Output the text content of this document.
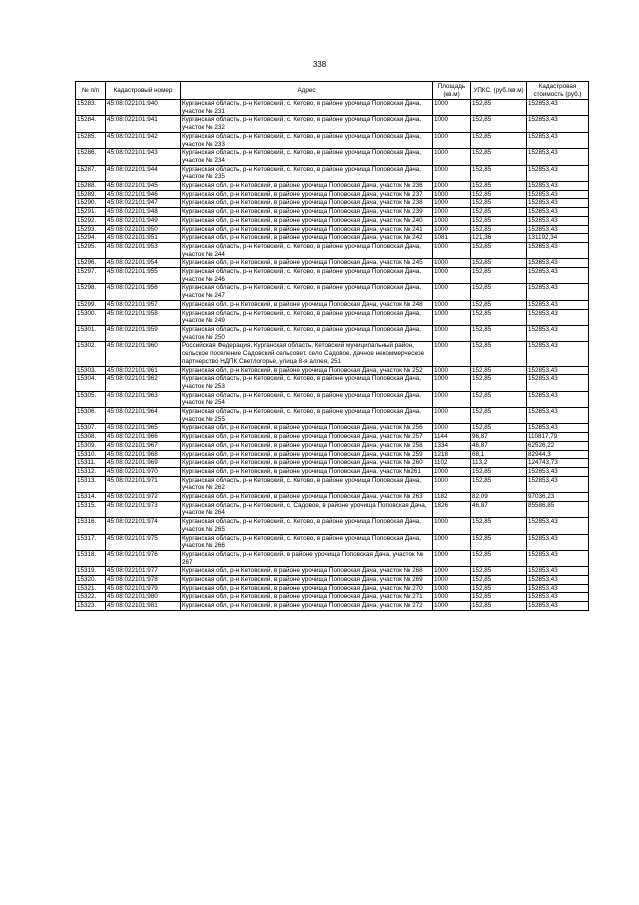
338
№ п/п	Кадастровый номер	Адрес	Площадь (кв.м)	УПКС. (руб./кв.м)	Кадастровая стоимость (руб.)
15283.	45:08:022101:940	Курганская область, р-н Кетовский, с. Кетово, в районе урочища Поповская Дача, участок № 231	1000	152,85	152853,43
15284.	45:08:022101:941	Курганская область, р-н Кетовский, с. Кетово, в районе урочища Поповская Дача, участок № 232	1000	152,85	152853,43
15285.	45:08:022101:942	Курганская область, р-н Кетовский, с. Кетово, в районе урочища Поповская Дача, участок № 233	1000	152,85	152853,43
15286.	45:08:022101:943	Курганская область, р-н Кетовский, с. Кетово, в районе урочища Поповская Дача, участок № 234	1000	152,85	152853,43
15287.	45:08:022101:944	Курганская область, р-н Кетовский, с. Кетово, в районе урочища Поповская Дача, участок № 235	1000	152,85	152853,43
15288.	45:08:022101:945	Курганская обл, р-н Кетовский, в районе урочища Поповская Дача, участок № 236	1000	152,85	152853,43
15289.	45:08:022101:946	Курганская обл, р-н Кетовский, в районе урочища Поповская Дача, участок № 237	1000	152,85	152853,43
15290.	45:08:022101:947	Курганская обл, р-н Кетовский, в районе урочища Поповская Дача, участок № 238	1000	152,85	152853,43
15291.	45:08:022101:948	Курганская обл, р-н Кетовский, в районе урочища Поповская Дача, участок № 239	1000	152,85	152853,43
15292.	45:08:022101:949	Курганская обл, р-н Кетовский, в районе урочища Поповская Дача, участок № 240	1000	152,85	152853,43
15293.	45:08:022101:950	Курганская обл, р-н Кетовский, в районе урочища Поповская Дача, участок № 241	1000	152,85	152853,43
15294.	45:08:022101:951	Курганская обл, р-н Кетовский, в районе урочища Поповская Дача, участок № 242	1081	121,36	131192,34
15295.	45:08:022101:953	Курганская область, р-н Кетовский, с. Кетово, в районе урочища Поповская Дача, участок № 244	1000	152,85	152853,43
15296.	45:08:022101:954	Курганская обл, р-н Кетовский, в районе урочища Поповская Дача, участок № 245	1000	152,85	152853,43
15297.	45:08:022101:955	Курганская область, р-н Кетовский, с. Кетово, в районе урочища Поповская Дача, участок № 246	1000	152,85	152853,43
15298.	45:08:022101:956	Курганская область, р-н Кетовский, с. Кетово, в районе урочища Поповская Дача, участок № 247	1000	152,85	152853,43
15299.	45:08:022101:957	Курганская обл, р-н Кетовский, в районе урочища Поповская Дача, участок № 248	1000	152,85	152853,43
15300.	45:08:022101:958	Курганская область, р-н Кетовский, с. Кетово, в районе урочища Поповская Дача, участок № 249	1000	152,85	152853,43
15301.	45:08:022101:959	Курганская область, р-н Кетовский, с. Кетово, в районе урочища Поповская Дача, участок № 250	1000	152,85	152853,43
15302.	45:08:022101:960	Российская Федерация, Курганская область, Кетовский муниципальный район, сельское поселение Садовский сельсовет, село Садовое, дачное некоммерческое партнерство НДПК Светлогорье, улица 8-я аллея, 251	1000	152,85	152853,43
15303.	45:08:022101:961	Курганская обл, р-н Кетовский, в районе урочища Поповская Дача, участок № 252	1000	152,85	152853,43
15304.	45:08:022101:962	Курганская область, р-н Кетовский, с. Кетово, в районе урочища Поповская Дача, участок № 253	1000	152,85	152853,43
15305.	45:08:022101:963	Курганская область, р-н Кетовский, с. Кетово, в районе урочища Поповская Дача, участок № 254	1000	152,85	152853,43
15306.	45:08:022101:964	Курганская область, р-н Кетовский, с. Кетово, в районе урочища Поповская Дача, участок № 255	1000	152,85	152853,43
15307.	45:08:022101:965	Курганская обл, р-н Кетовский, в районе урочища Поповская Дача, участок № 256	1000	152,85	152853,43
15308.	45:08:022101:966	Курганская обл, р-н Кетовский, в районе урочища Поповская Дача, участок № 257	1144	96,87	110817,79
15309.	45:08:022101:967	Курганская обл, р-н Кетовский, в районе урочища Поповская Дача, участок № 258	1334	46,87	62526,22
15310.	45:08:022101:968	Курганская обл, р-н Кетовский, в районе урочища Поповская Дача, участок № 259	1218	68,1	82944,3
15311.	45:08:022101:969	Курганская обл, р-н Кетовский, в районе урочища Поповская Дача, участок № 260	1102	113,2	124743,73
15312.	45:08:022101:970	Курганская обл, р-н Кетовский, в районе урочища Поповская Дача, участок №261	1000	152,85	152853,43
15313.	45:08:022101:971	Курганская область, р-н Кетовский, с. Кетово, в районе урочища Поповская Дача, участок № 262	1000	152,85	152853,43
15314.	45:08:022101:972	Курганская обл, р-н Кетовский, в районе урочища Поповская Дача, участок № 263	1182	82,09	97036,23
15315.	45:08:022101:973	Курганская область, р-н Кетовский, с. Садовое, в районе урочища Поповская Дача, участок № 264	1826	46,87	85586,85
15316.	45:08:022101:974	Курганская область, р-н Кетовский, с. Кетово, в районе урочища Поповская Дача, участок № 265	1000	152,85	152853,43
15317.	45:08:022101:975	Курганская область, р-н Кетовский, с. Кетово, в районе урочища Поповская Дача, участок № 266	1000	152,85	152853,43
15318.	45:08:022101:976	Курганская область, р-н Кетовский, в районе урочища Поповская Дача, участок № 267	1000	152,85	152853,43
15319.	45:08:022101:977	Курганская обл, р-н Кетовский, в районе урочища Поповская Дача, участок № 268	1000	152,85	152853,43
15320.	45:08:022101:978	Курганская обл, р-н Кетовский, в районе урочища Поповская Дача, участок № 269	1000	152,85	152853,43
15321.	45:08:022101:979	Курганская обл, р-н Кетовский, в районе урочища Поповская Дача, участок № 270	1000	152,85	152853,43
15322.	45:08:022101:980	Курганская обл, р-н Кетовский, в районе урочища Поповская Дача, участок № 271	1000	152,85	152853,43
15323.	45:08:022101:981	Курганская обл, р-н Кетовский, в районе урочища Поповская Дача, участок № 272	1000	152,85	152853,43
